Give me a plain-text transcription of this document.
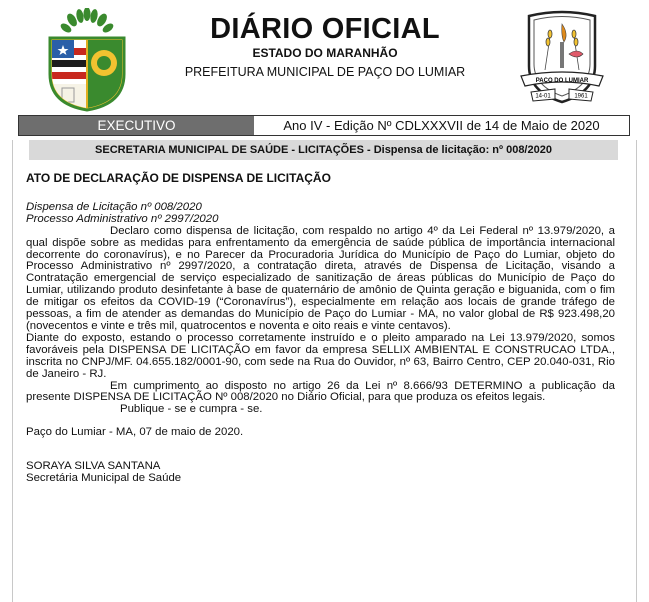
DIÁRIO OFICIAL
ESTADO DO MARANHÃO
PREFEITURA MUNICIPAL DE PAÇO DO LUMIAR
PAÇO DO LUMIAR
14-01	1961
EXECUTIVO	Ano IV - Edição Nº CDLXXXVII de 14 de Maio de 2020
SECRETARIA MUNICIPAL DE SAÚDE - LICITAÇÕES - Dispensa de licitação: nº 008/2020
ATO DE DECLARAÇÃO DE DISPENSA DE LICITAÇÃO
Dispensa de Licitação nº 008/2020
Processo Administrativo nº 2997/2020

Declaro como dispensa de licitação, com respaldo no artigo 4º da Lei Federal nº 13.979/2020, a qual dispõe sobre as medidas para enfrentamento da emergência de saúde pública de importância internacional decorrente do coronavírus), e no Parecer da Procuradoria Jurídica do Município de Paço do Lumiar, objeto do Processo Administrativo nº 2997/2020, a contratação direta, através de Dispensa de Licitação, visando a Contratação emergencial de serviço especializado de sanitização de áreas públicas do Município de Paço do Lumiar, utilizando produto desinfetante à base de quaternário de amônio de Quinta geração e biguanida, com o fim de mitigar os efeitos da COVID-19 (“Coronavírus”), especialmente em relação aos locais de grande tráfego de pessoas, a fim de atender as demandas do Município de Paço do Lumiar - MA, no valor global de R$ 923.498,20 (novecentos e vinte e três mil, quatrocentos e noventa e oito reais e vinte centavos).

Diante do exposto, estando o processo corretamente instruído e o pleito amparado na Lei 13.979/2020, somos favoráveis pela DISPENSA DE LICITAÇÃO em favor da empresa SELLIX AMBIENTAL E CONSTRUCAO LTDA., inscrita no CNPJ/MF. 04.655.182/0001-90, com sede na Rua do Ouvidor, nº 63, Bairro Centro, CEP 20.040-031, Rio de Janeiro - RJ.

Em cumprimento ao disposto no artigo 26 da Lei nº 8.666/93 DETERMINO a publicação da presente DISPENSA DE LICITAÇÃO Nº 008/2020 no Diário Oficial, para que produza os efeitos legais.

Publique - se e cumpra - se.

Paço do Lumiar - MA, 07 de maio de 2020.

SORAYA SILVA SANTANA
Secretária Municipal de Saúde
